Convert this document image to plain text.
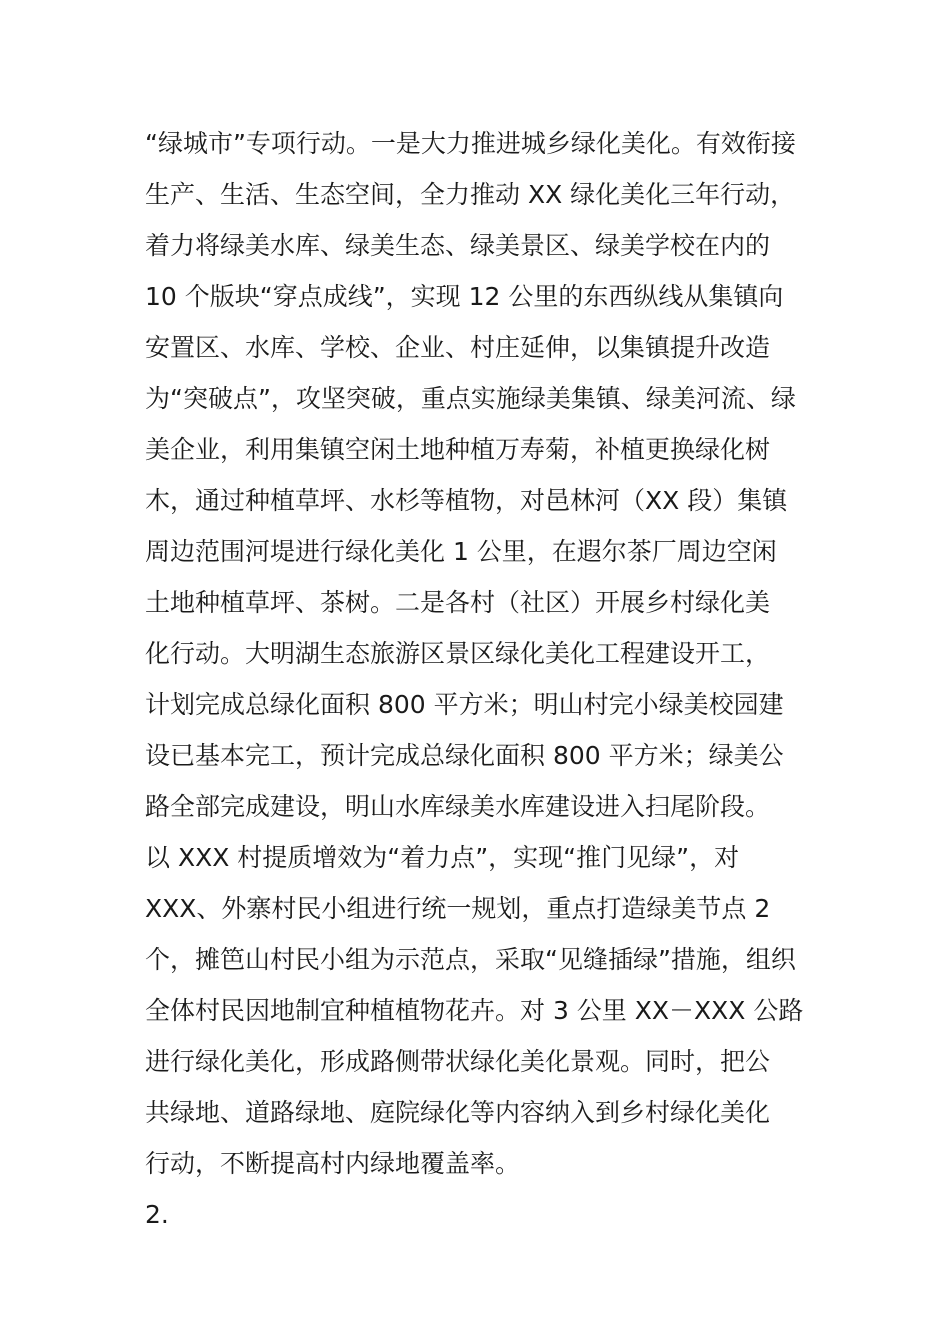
“绿城市”专项行动。一是大力推进城乡绿化美化。有效衔接
生产、生活、生态空间，全力推动 XX 绿化美化三年行动，
着力将绿美水库、绿美生态、绿美景区、绿美学校在内的
10 个版块“穿点成线”，实现 12 公里的东西纵线从集镇向
安置区、水库、学校、企业、村庄延伸，以集镇提升改造
为“突破点”，攻坚突破，重点实施绿美集镇、绿美河流、绿
美企业，利用集镇空闲土地种植万寿菊，补植更换绿化树
木，通过种植草坪、水杉等植物，对邑林河（XX 段）集镇
周边范围河堤进行绿化美化 1 公里，在遐尔茶厂周边空闲
土地种植草坪、茶树。二是各村（社区）开展乡村绿化美
化行动。大明湖生态旅游区景区绿化美化工程建设开工，
计划完成总绿化面积 800 平方米；明山村完小绿美校园建
设已基本完工，预计完成总绿化面积 800 平方米；绿美公
路全部完成建设，明山水库绿美水库建设进入扫尾阶段。
以 XXX 村提质增效为“着力点”，实现“推门见绿”，对
XXX、外寨村民小组进行统一规划，重点打造绿美节点 2
个，摊笆山村民小组为示范点，采取“见缝插绿”措施，组织
全体村民因地制宜种植植物花卉。对 3 公里 XX－XXX 公路
进行绿化美化，形成路侧带状绿化美化景观。同时，把公
共绿地、道路绿地、庭院绿化等内容纳入到乡村绿化美化
行动，不断提高村内绿地覆盖率。
2.
